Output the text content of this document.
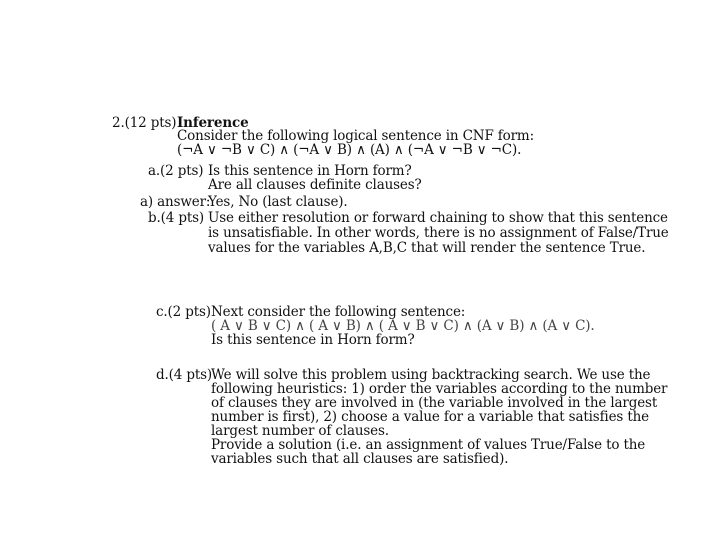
2.(12 pts) Inference
Consider the following logical sentence in CNF form:
(¬A ∨ ¬B ∨ C) ∧ (¬A ∨ B) ∧ (A) ∧ (¬A ∨ ¬B ∨ ¬C).
a.(2 pts) Is this sentence in Horn form?
Are all clauses definite clauses?
a) answer:
Yes, No (last clause).
b.(4 pts) Use either resolution or forward chaining to show that this sentence
is unsatisfiable. In other words, there is no assignment of False/True
values for the variables A,B,C that will render the sentence True.
c.(2 pts) Next consider the following sentence:
( A ∨ B ∨ C) ∧ ( A ∨ B) ∧ ( A ∨ B ∨ C) ∧ (A ∨ B) ∧ (A ∨ C).
Is this sentence in Horn form?
d.(4 pts) We will solve this problem using backtracking search. We use the
following heuristics: 1) order the variables according to the number
of clauses they are involved in (the variable involved in the largest
number is first), 2) choose a value for a variable that satisfies the
largest number of clauses.
Provide a solution (i.e. an assignment of values True/False to the
variables such that all clauses are satisfied).
